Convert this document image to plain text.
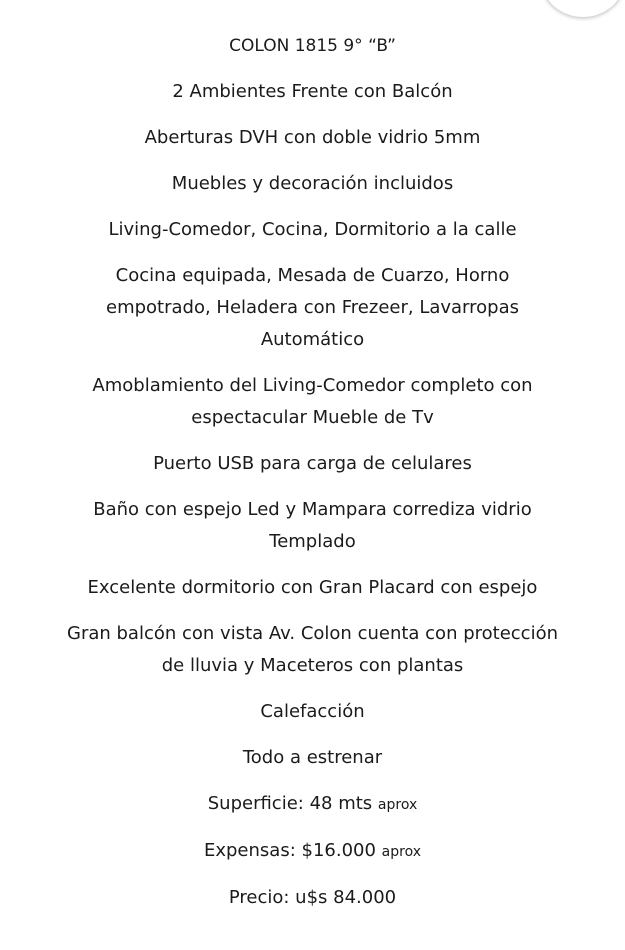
COLON 1815 9° “B”

2 Ambientes Frente con Balcón

Aberturas DVH con doble vidrio 5mm

Muebles y decoración incluidos

Living-Comedor, Cocina, Dormitorio a la calle

Cocina equipada, Mesada de Cuarzo, Horno empotrado, Heladera con Frezeer, Lavarropas Automático

Amoblamiento del Living-Comedor completo con espectacular Mueble de Tv

Puerto USB para carga de celulares

Baño con espejo Led y Mampara corrediza vidrio Templado

Excelente dormitorio con Gran Placard con espejo

Gran balcón con vista Av. Colon cuenta con protección de lluvia y Maceteros con plantas

Calefacción

Todo a estrenar

Superficie: 48 mts aprox

Expensas: $16.000 aprox

Precio: u$s 84.000
